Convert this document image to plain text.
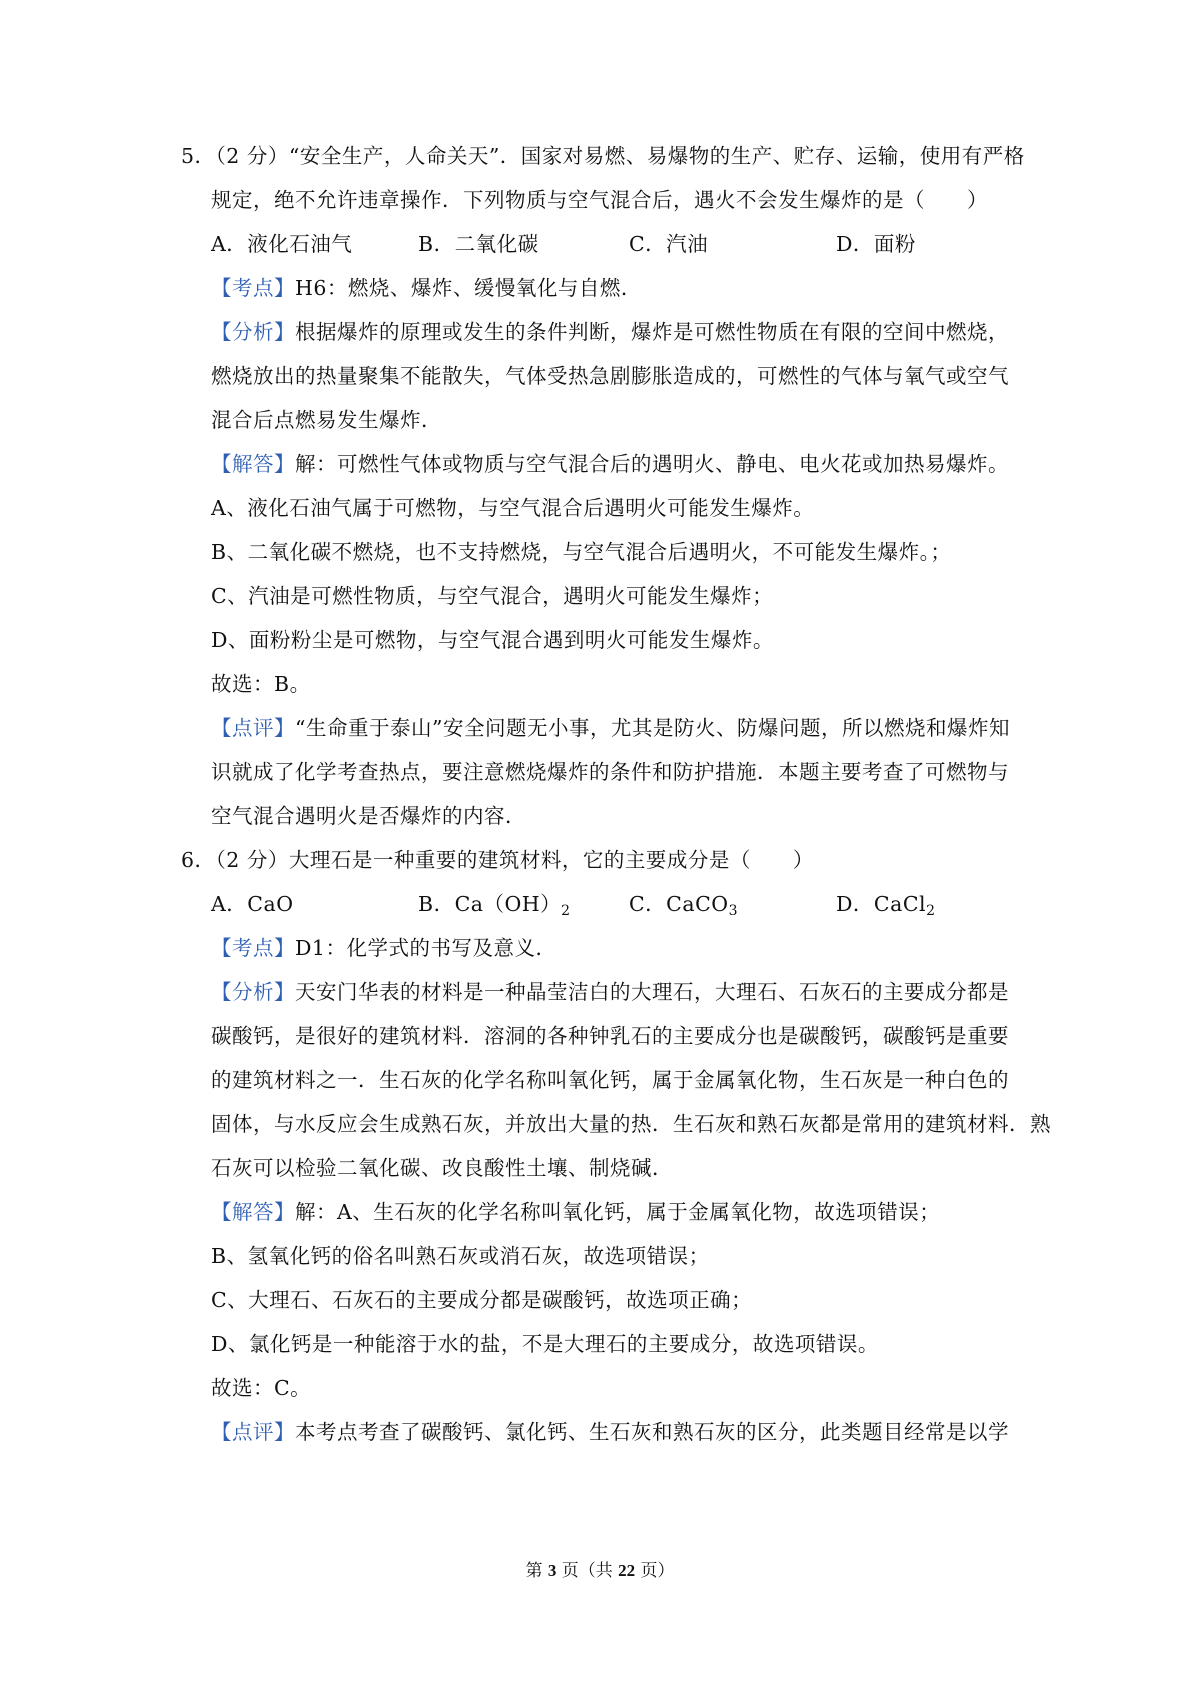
5．（2 分）“安全生产，人命关天”．国家对易燃、易爆物的生产、贮存、运输，使用有严格
规定，绝不允许违章操作．下列物质与空气混合后，遇火不会发生爆炸的是（　　）
A．液化石油气	B．二氧化碳	C．汽油	D．面粉
【考点】H6：燃烧、爆炸、缓慢氧化与自燃．
【分析】根据爆炸的原理或发生的条件判断，爆炸是可燃性物质在有限的空间中燃烧，
燃烧放出的热量聚集不能散失，气体受热急剧膨胀造成的，可燃性的气体与氧气或空气
混合后点燃易发生爆炸．
【解答】解：可燃性气体或物质与空气混合后的遇明火、静电、电火花或加热易爆炸。
A、液化石油气属于可燃物，与空气混合后遇明火可能发生爆炸。
B、二氧化碳不燃烧，也不支持燃烧，与空气混合后遇明火，不可能发生爆炸。；
C、汽油是可燃性物质，与空气混合，遇明火可能发生爆炸；
D、面粉粉尘是可燃物，与空气混合遇到明火可能发生爆炸。
故选：B。
【点评】“生命重于泰山”安全问题无小事，尤其是防火、防爆问题，所以燃烧和爆炸知
识就成了化学考查热点，要注意燃烧爆炸的条件和防护措施．本题主要考查了可燃物与
空气混合遇明火是否爆炸的内容．
6．（2 分）大理石是一种重要的建筑材料，它的主要成分是（　　）
A．CaO	B．$Ca(OH)_2$	C．CaCO$_3$	D．CaCl$_2$
【考点】D1：化学式的书写及意义．
【分析】天安门华表的材料是一种晶莹洁白的大理石，大理石、石灰石的主要成分都是
碳酸钙，是很好的建筑材料．溶洞的各种钟乳石的主要成分也是碳酸钙，碳酸钙是重要
的建筑材料之一．生石灰的化学名称叫氧化钙，属于金属氧化物，生石灰是一种白色的
固体，与水反应会生成熟石灰，并放出大量的热．生石灰和熟石灰都是常用的建筑材料．熟
石灰可以检验二氧化碳、改良酸性土壤、制烧碱．
【解答】解：A、生石灰的化学名称叫氧化钙，属于金属氧化物，故选项错误；
B、氢氧化钙的俗名叫熟石灰或消石灰，故选项错误；
C、大理石、石灰石的主要成分都是碳酸钙，故选项正确；
D、氯化钙是一种能溶于水的盐，不是大理石的主要成分，故选项错误。
故选：C。
【点评】本考点考查了碳酸钙、氯化钙、生石灰和熟石灰的区分，此类题目经常是以学
第 3 页（共 22 页）
